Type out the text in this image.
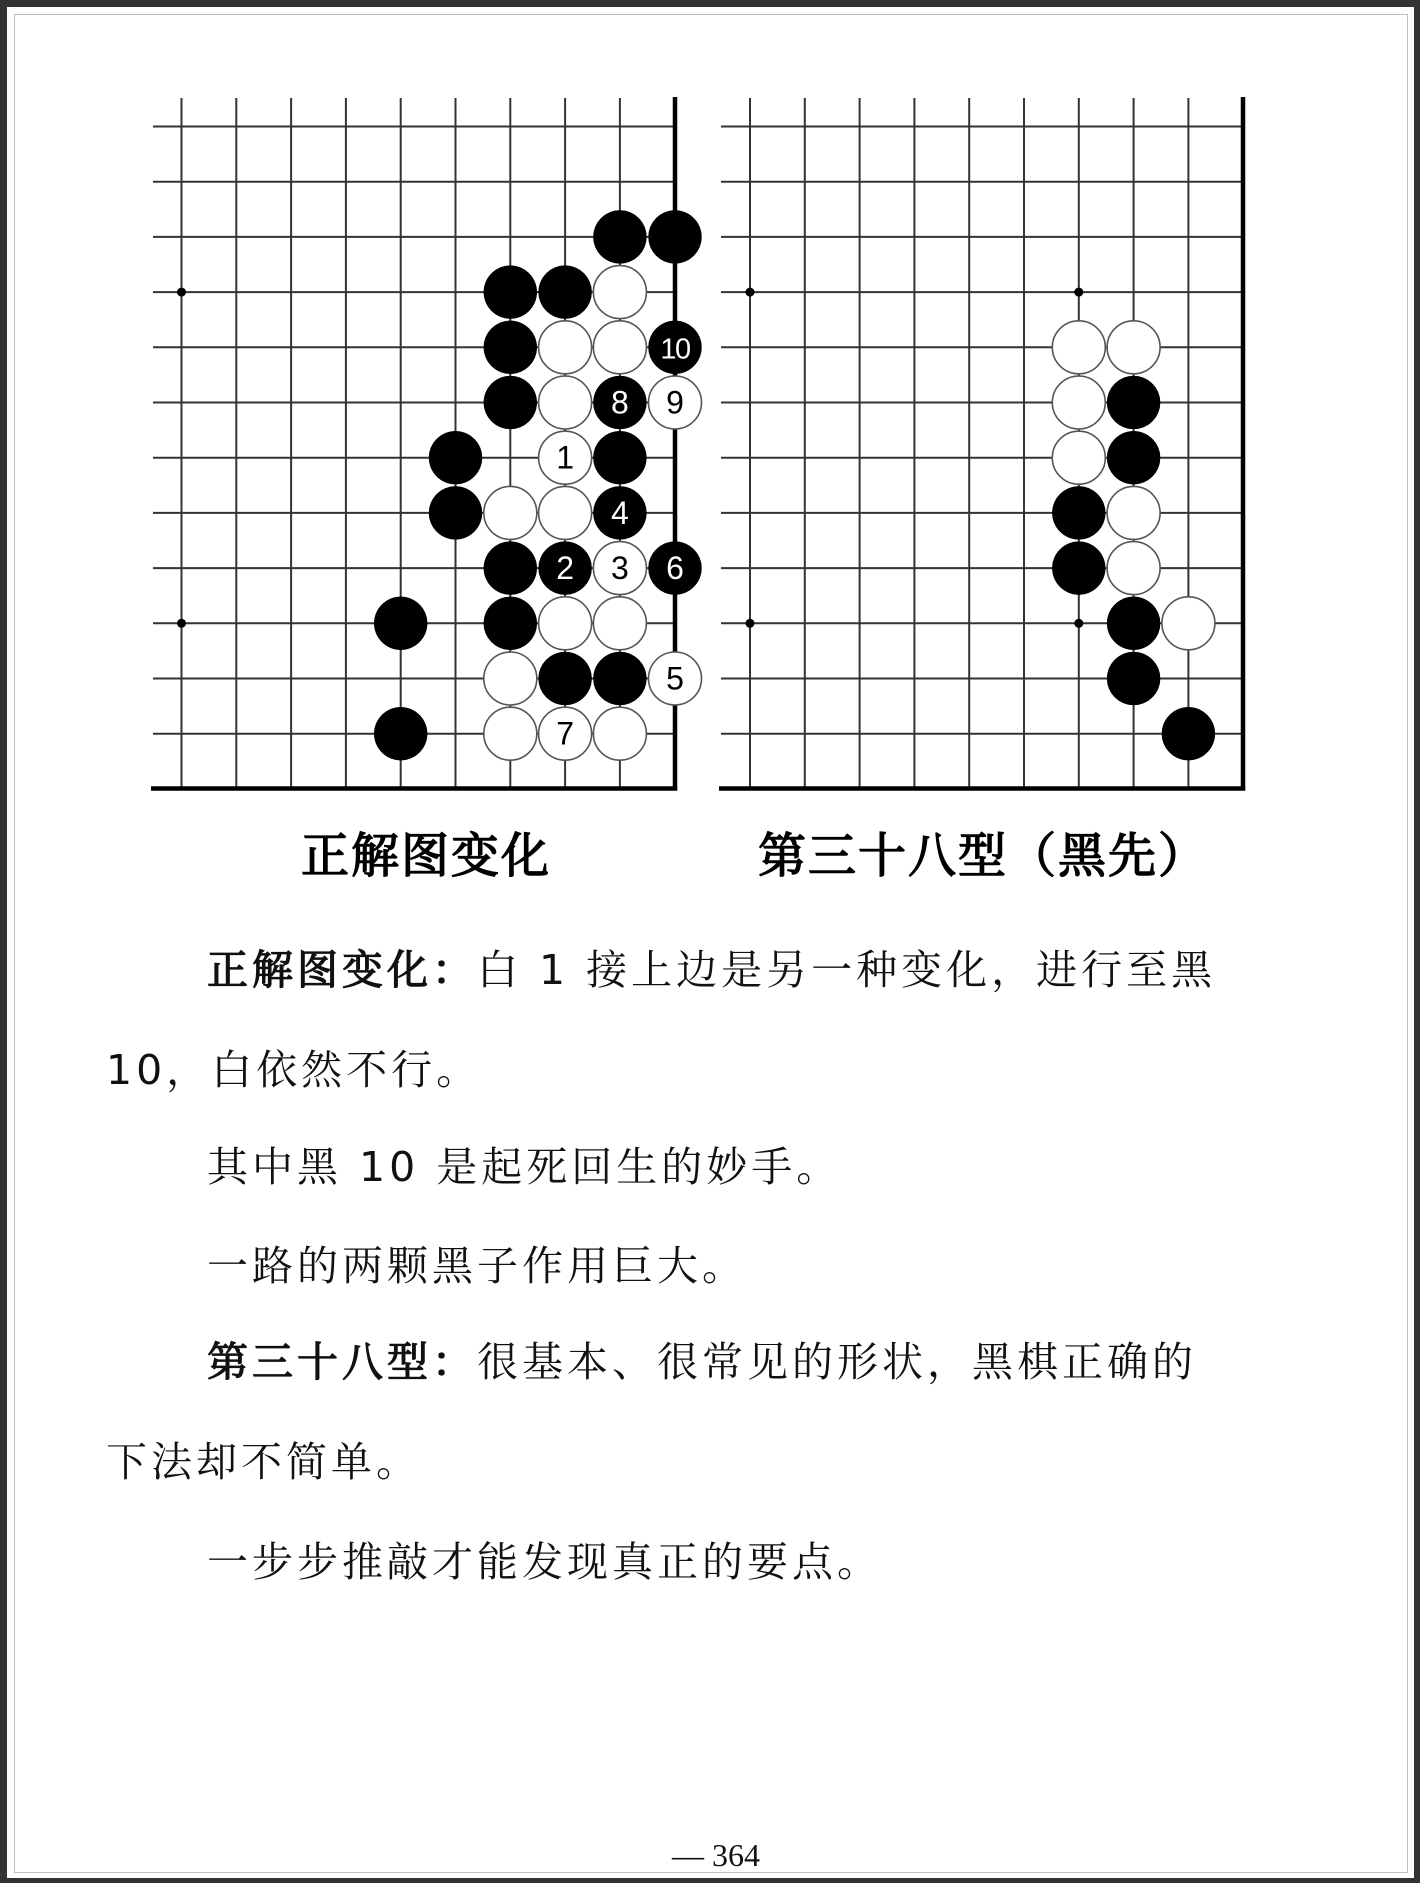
10
8 9
1
4
2 3 6
5
7
正解图变化	第三十八型（黑先）
正解图变化：白 1 接上边是另一种变化，进行至黑
10，白依然不行。
其中黑 10 是起死回生的妙手。
一路的两颗黑子作用巨大。
第三十八型：很基本、很常见的形状，黑棋正确的
下法却不简单。
一步步推敲才能发现真正的要点。
— 364
